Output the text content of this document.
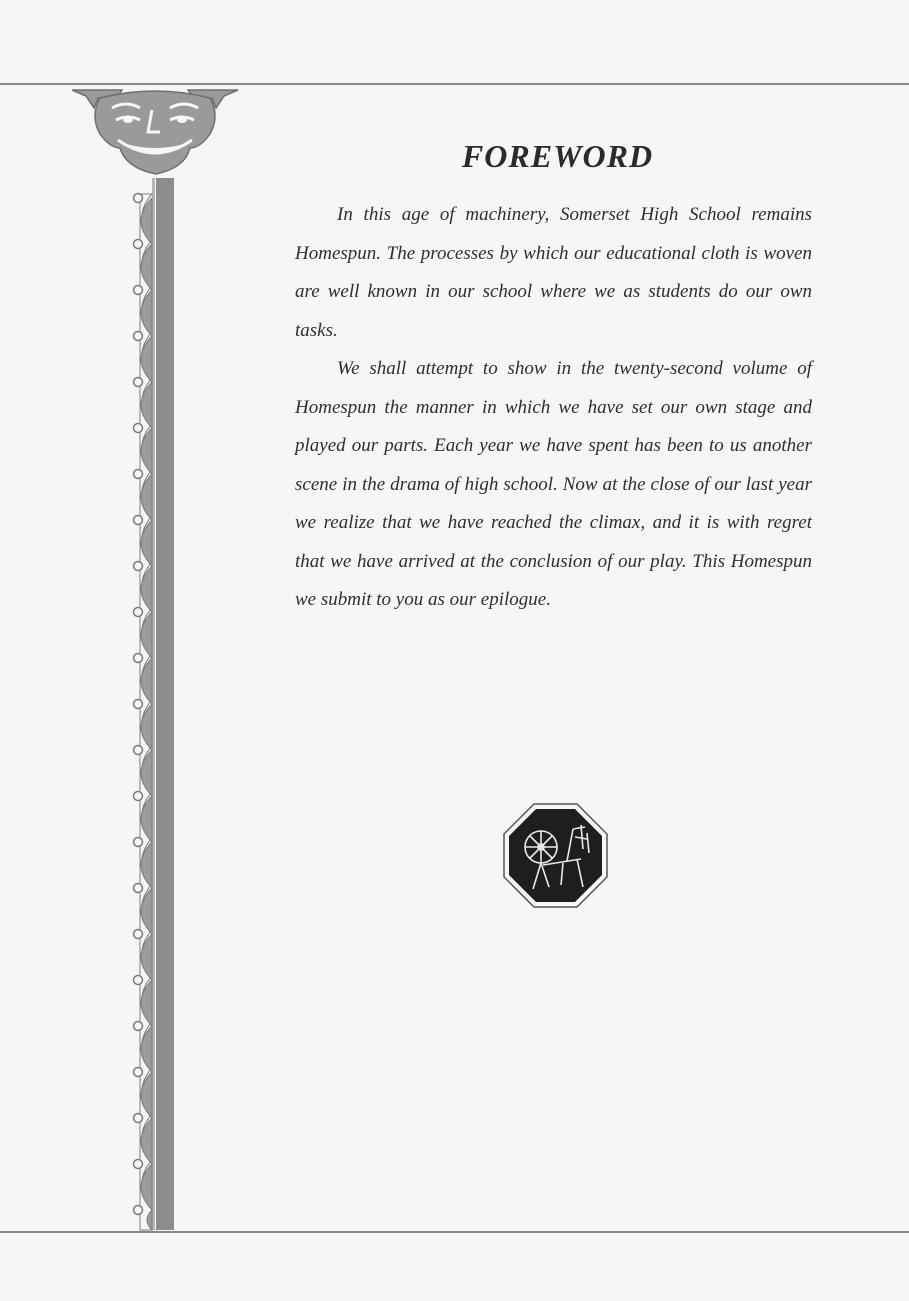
FOREWORD

In this age of machinery, Somerset High School remains Homespun. The processes by which our educational cloth is woven are well known in our school where we as students do our own tasks.

We shall attempt to show in the twenty-second volume of Homespun the manner in which we have set our own stage and played our parts. Each year we have spent has been to us another scene in the drama of high school. Now at the close of our last year we realize that we have reached the climax, and it is with regret that we have arrived at the conclusion of our play. This Homespun we submit to you as our epilogue.
